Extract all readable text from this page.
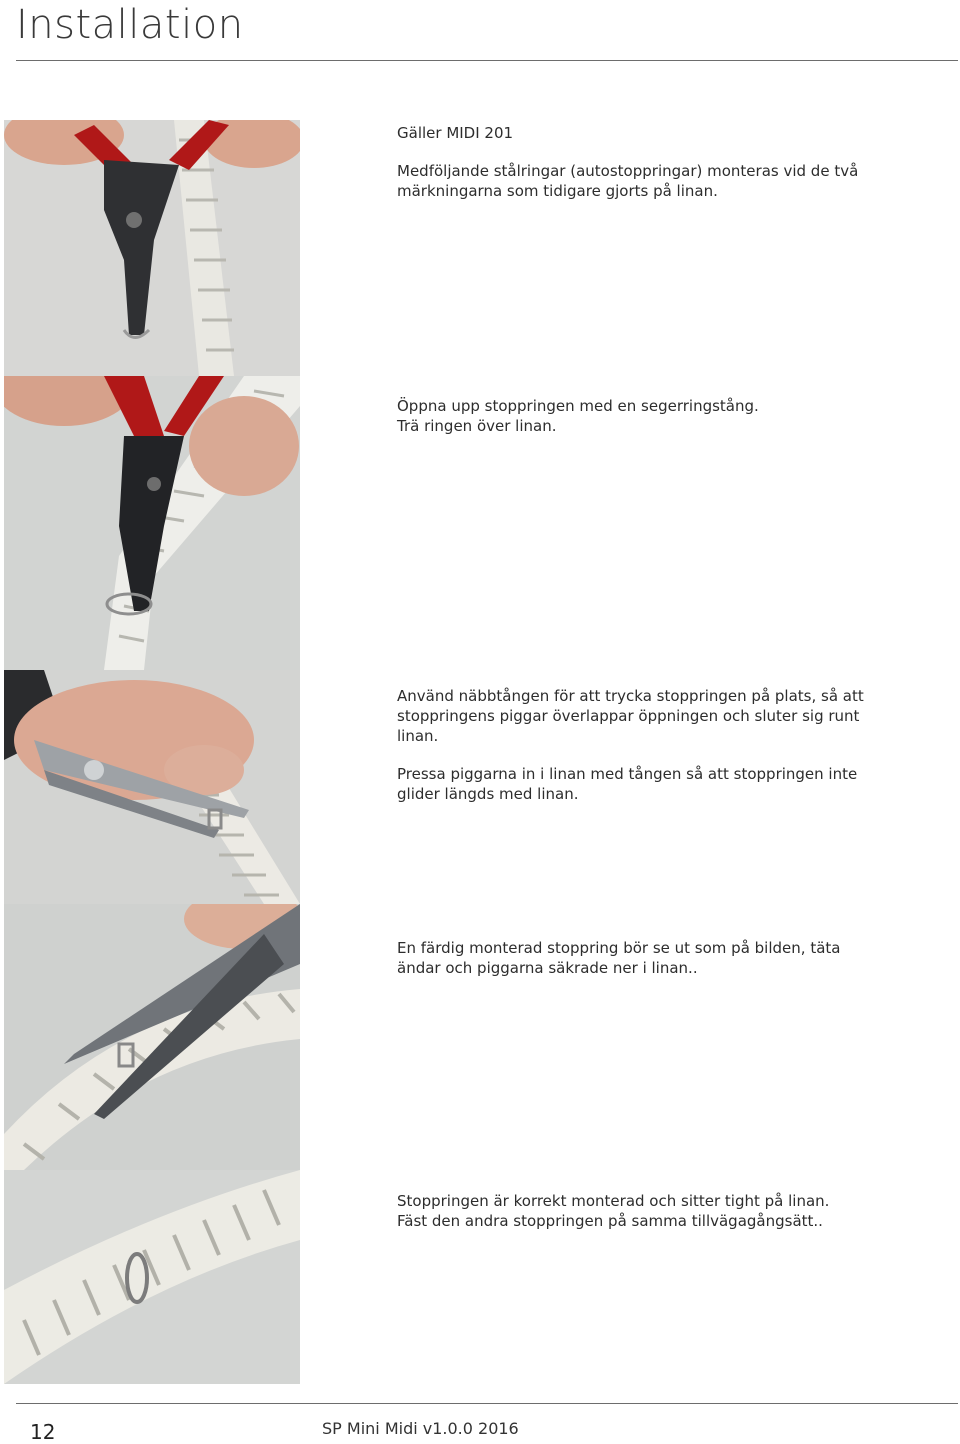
Installation

Gäller MIDI 201

Medföljande stålringar (autostoppringar) monteras vid de två
märkningarna som tidigare gjorts på linan.

Öppna upp stoppringen med en segerringstång.
Trä ringen över linan.

Använd näbbtången för att trycka stoppringen på plats, så att
stoppringens piggar överlappar öppningen och sluter sig runt
linan.

Pressa piggarna in i linan med tången så att stoppringen inte
glider längds med linan.

En färdig monterad stoppring bör se ut som på bilden, täta
ändar och piggarna säkrade ner i linan..

Stoppringen är korrekt monterad och sitter tight på linan.
Fäst den andra stoppringen på samma tillvägagångsätt..

12	SP Mini Midi v1.0.0 2016
